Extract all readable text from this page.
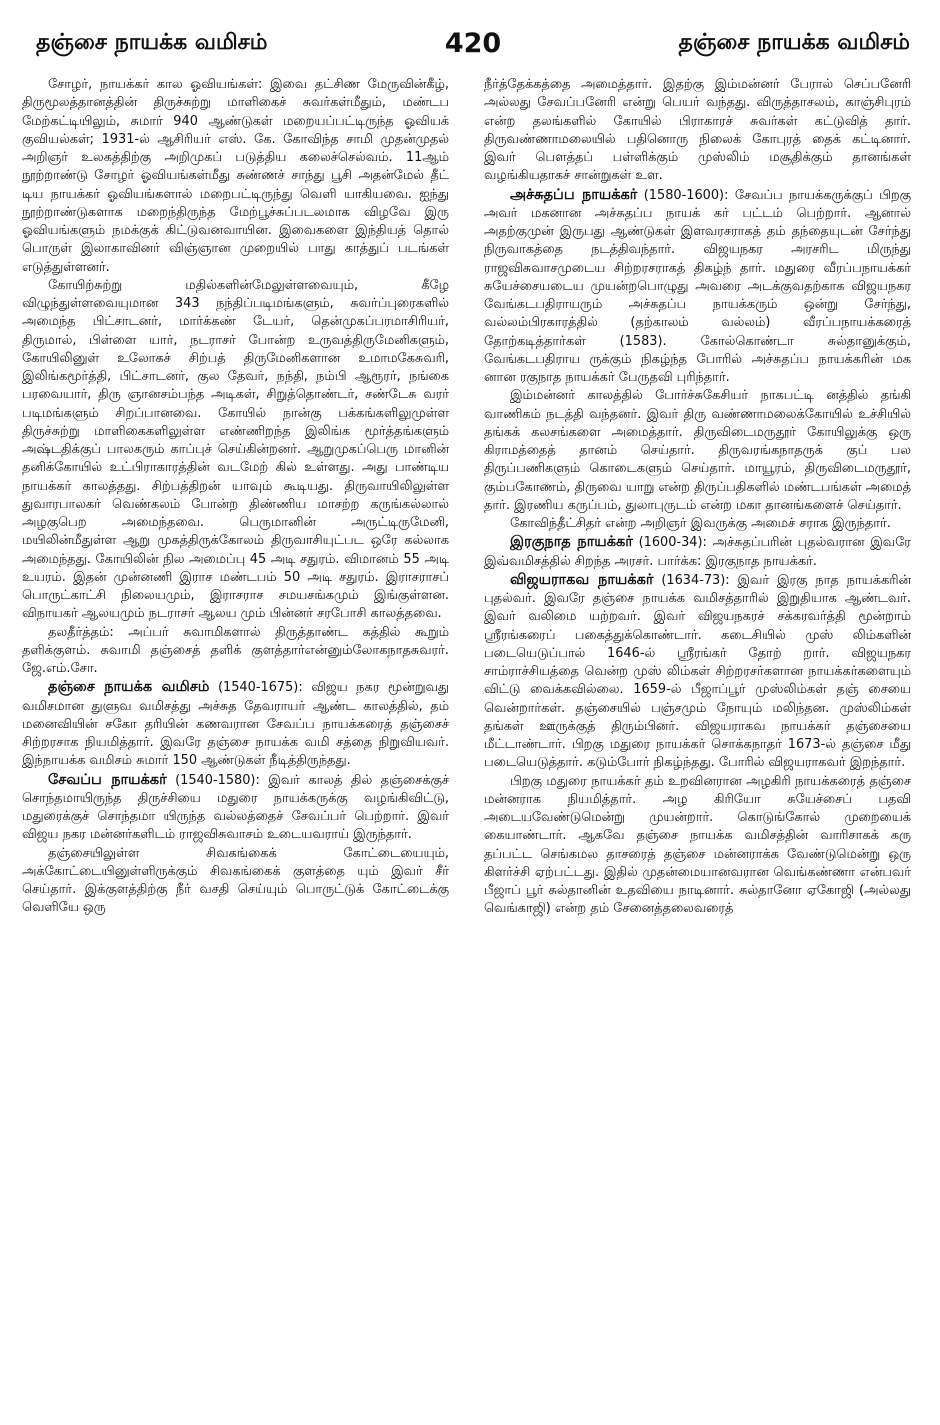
தஞ்சை நாயக்க வமிசம்	420	தஞ்சை நாயக்க வமிசம்

சோழர், நாயக்கர் கால ஓவியங்கள்: இவை தட்சிண மேருவின்கீழ், திருமூலத்தானத்தின் திருச்சுற்று மாளிகைச் சுவர்கள்மீதும், மண்டப மேற்கட்டியிலும், சுமார் 940 ஆண்டுகள் மறையப்பட்டிருந்த ஓவியக் குவியல்கள்; 1931-ல் ஆசிரியர் எஸ். கே. கோவிந்த சாமி முதன்முதல் அறிஞர் உலகத்திற்கு அறிமுகப் படுத்திய கலைச்செல்வம். 11ஆம் நூற்றாண்டு சோழர் ஓவியங்கள்மீது சுண்ணச் சாந்து பூசி அதன்மேல் தீட் டிய நாயக்கர் ஓவியங்களால் மறைபட்டிருந்து வெளி யாகியவை. ஐந்து நூற்றாண்டுகளாக மறைந்திருந்த மேற்பூச்சுப்படலமாக விழவே இரு ஓவியங்களும் நமக்குக் கிட்டுவனவாயின. இவைகளை இந்தியத் தொல் பொருள் இலாகாவினர் விஞ்ஞான முறையில் பாது காத்துப் படங்கள் எடுத்துள்ளனர்.

கோயிற்சுற்று மதில்களின்மேலுள்ளவையும், கீழே விழுந்துள்ளவையுமான 343 நந்திப்படிமங்களும், சுவர்ப்புரைகளில் அமைந்த பிட்சாடனர், மார்க்கண் டேயர், தென்முகப்பரமாசிரியர், திருமால், பிள்ளை யார், நடராசர் போன்ற உருவத்திருமேனிகளும், கோயிலினுள் உலோகச் சிற்பத் திருமேனிகளான உமாமகேசுவரி, இலிங்கமூர்த்தி, பிட்சாடனர், குல தேவர், நந்தி, நம்பி ஆரூரர், நங்கை பரவையார், திரு ஞானசம்பந்த அடிகள், சிறுத்தொண்டர், சண்டேசு வரர் படிமங்களும் சிறப்பானவை. கோயில் நான்கு பக்கங்களிலுமுள்ள திருச்சுற்று மாளிகைகளிலுள்ள எண்ணிறந்த இலிங்க மூர்த்தங்களும் அஷ்டதிக்குப் பாலகரும் காப்புச் செய்கின்றனர். ஆறுமுகப்பெரு மானின் தனிக்கோயில் உட்பிராகாரத்தின் வடமேற் கில் உள்ளது. அது பாண்டிய நாயக்கர் காலத்தது. சிற்பத்திறன் யாவும் கூடியது. திருவாயிலிலுள்ள துவாரபாலகர் வெண்கலம் போன்ற திண்ணிய மாசற்ற கருங்கல்லால் அழகுபெற அமைந்தவை. பெருமானின் அருட்டிருமேனி, மயிலின்மீதுள்ள ஆறு முகத்திருக்கோலம் திருவாசியுட்பட ஒரே கல்லாக அமைந்தது. கோயிலின் நில அமைப்பு 45 அடி சதுரம். விமானம் 55 அடி உயரம். இதன் முன்னணி இராச மண்டபம் 50 அடி சதுரம். இராசராசப் பொருட்காட்சி நிலையமும், இராசராச சமயசங்கமும் இங்குள்ளன. விநாயகர் ஆலயமும் நடராசர் ஆலய மும் பின்னர் சரபோசி காலத்தவை.

தலதீர்த்தம்: அப்பர் சுவாமிகளால் திருத்தாண்ட கத்தில் கூறும் தளிக்குளம். சுவாமி தஞ்சைத் தளிக் குளத்தார்என்னும்லோகநாதசுவரர். ஜே.எம்.சோ.

தஞ்சை நாயக்க வமிசம் (1540-1675): விஜய நகர மூன்றுவது வமிசமான துளுவ வமிசத்து அச்சுத தேவராயர் ஆண்ட காலத்தில், தம் மனைவியின் சகோ தரியின் கணவரான சேவப்ப நாயக்கரைத் தஞ்சைச் சிற்றரசாக நியமித்தார். இவரே தஞ்சை நாயக்க வமி சத்தை நிறுவியவர். இந்நாயக்க வமிசம் சுமார் 150 ஆண்டுகள் நீடித்திருந்தது.

சேவப்ப நாயக்கர் (1540-1580): இவர் காலத் தில் தஞ்சைக்குச் சொந்தமாயிருந்த திருச்சியை மதுரை நாயக்கருக்கு வழங்கிவிட்டு, மதுரைக்குச் சொந்தமா யிருந்த வல்லத்தைச் சேவப்பர் பெற்றார். இவர் விஜய நகர மன்னர்களிடம் ராஜவிசுவாசம் உடையவராய் இருந்தார்.

தஞ்சையிலுள்ள சிவகங்கைக் கோட்டையையும், அக்கோட்டையினுள்ளிருக்கும் சிவகங்கைக் குளத்தை யும் இவர் சீர் செய்தார். இக்குளத்திற்கு நீர் வசதி செய்யும் பொருட்டுக் கோட்டைக்கு வெளியே ஒரு

நீர்த்தேக்கத்தை அமைத்தார். இதற்கு இம்மன்னர் பேரால் செப்பனேரி அல்லது சேவப்பனேரி என்று பெயர் வந்தது. விருத்தாசலம், காஞ்சிபுரம் என்ற தலங்களில் கோயில் பிராகாரச் சுவர்கள் கட்டுவித் தார். திருவண்ணாமலையில் பதினொரு நிலைக் கோபுரத் தைக் கட்டினார். இவர் பௌத்தப் பள்ளிக்கும் முஸ்லிம் மசூதிக்கும் தானங்கள் வழங்கியதாகச் சான்றுகள் உள.

அச்சுதப்ப நாயக்கர் (1580-1600): சேவப்ப நாயக்கருக்குப் பிறகு அவர் மகனான அச்சுதப்ப நாயக் கர் பட்டம் பெற்றார். ஆனால் அதற்குமுன் இருபது ஆண்டுகள் இளவரசராகத் தம் தந்தையுடன் சேர்ந்து நிருவாகத்தை நடத்திவந்தார். விஜயநகர அரசரிட மிருந்து ராஜவிசுவாசமுடைய சிற்றரசராகத் திகழ்ந் தார். மதுரை வீரப்பநாயக்கர் சுயேச்சையடைய முயன்றபொழுது அவரை அடக்குவதற்காக விஜயநகர வேங்கடபதிராயரும் அச்சுதப்ப நாயக்கரும் ஒன்று சேர்ந்து, வல்லம்பிரகாரத்தில் (தற்காலம் வல்லம்) வீரப்பநாயக்கரைத் தோற்கடித்தார்கள் (1583). கோல்கொண்டா சுல்தானுக்கும், வேங்கடபதிராய ருக்கும் நிகழ்ந்த போரில் அச்சுதப்ப நாயக்கரின் மக னான ரகுநாத நாயக்கர் பேருதவி புரிந்தார்.

இம்மன்னர் காலத்தில் போர்ச்சுகேசியர் நாகபட்டி னத்தில் தங்கி வாணிகம் நடத்தி வந்தனர். இவர் திரு வண்ணாமலைக்கோயில் உச்சியில் தங்கக் கலசங்களை அமைத்தார். திருவிடைமருதூர் கோயிலுக்கு ஒரு கிராமத்தைத் தானம் செய்தார். திருவரங்கநாதருக் குப் பல திருப்பணிகளும் கொடைகளும் செய்தார். மாயூரம், திருவிடைமருதூர், கும்பகோணம், திருவை யாறு என்ற திருப்பதிகளில் மண்டபங்கள் அமைத் தார். இரணிய கருப்பம், துலாபுருடம் என்ற மகா தானங்களைச் செய்தார்.

கோவிந்தீட்சிதர் என்ற அறிஞர் இவருக்கு அமைச் சராக இருந்தார்.

இரகுநாத நாயக்கர் (1600-34): அச்சுதப்பரின் புதல்வரான இவரே இவ்வமிசத்தில் சிறந்த அரசர். பார்க்க: இரகுநாத நாயக்கர்.

விஜயராகவ நாயக்கர் (1634-73): இவர் இரகு நாத நாயக்கரின் புதல்வர். இவரே தஞ்சை நாயக்க வமிசத்தாரில் இறுதியாக ஆண்டவர். இவர் வலிமை யற்றவர். இவர் விஜயநகரச் சக்கரவர்த்தி மூன்றாம் ஸ்ரீரங்கரைப் பகைத்துக்கொண்டார். கடைசியில் முஸ் லிம்களின் படையெடுப்பால் 1646-ல் ஸ்ரீரங்கர் தோற் றார். விஜயநகர சாம்ராச்சியத்தை வென்ற முஸ் லிம்கள் சிற்றரசர்களான நாயக்கர்களையும் விட்டு வைக்கவில்லை. 1659-ல் பீஜாப்பூர் முஸ்லிம்கள் தஞ் சையை வென்றார்கள். தஞ்சையில் பஞ்சமும் நோயும் மலிந்தன. முஸ்லிம்கள் தங்கள் ஊருக்குத் திரும்பினர். விஜயராகவ நாயக்கர் தஞ்சையை மீட்டாண்டார். பிறகு மதுரை நாயக்கர் சொக்கநாதர் 1673-ல் தஞ்சை மீது படையெடுத்தார். கடும்போர் நிகழ்ந்தது. போரில் விஜயராகவர் இறந்தார்.

பிறகு மதுரை நாயக்கர் தம் உறவினரான அழகிரி நாயக்கரைத் தஞ்சை மன்னராக நியமித்தார். அழ கிரியோ சுயேச்சைப் பதவி அடையவேண்டுமென்று முயன்றார். கொடுங்கோல் முறையைக் கையாண்டார். ஆகவே தஞ்சை நாயக்க வமிசத்தின் வாரிசாகக் கரு தப்பட்ட செங்கமல தாசரைத் தஞ்சை மன்னராக்க வேண்டுமென்று ஒரு கிளர்ச்சி ஏற்பட்டது. இதில் முதன்மையானவரான வெங்கண்ணா என்பவர் பீஜாப் பூர் சுல்தானின் உதவியை நாடினார். சுல்தானோ ஏகோஜி (அல்லது வெங்காஜி) என்ற தம் சேனைத்தலைவரைத்
